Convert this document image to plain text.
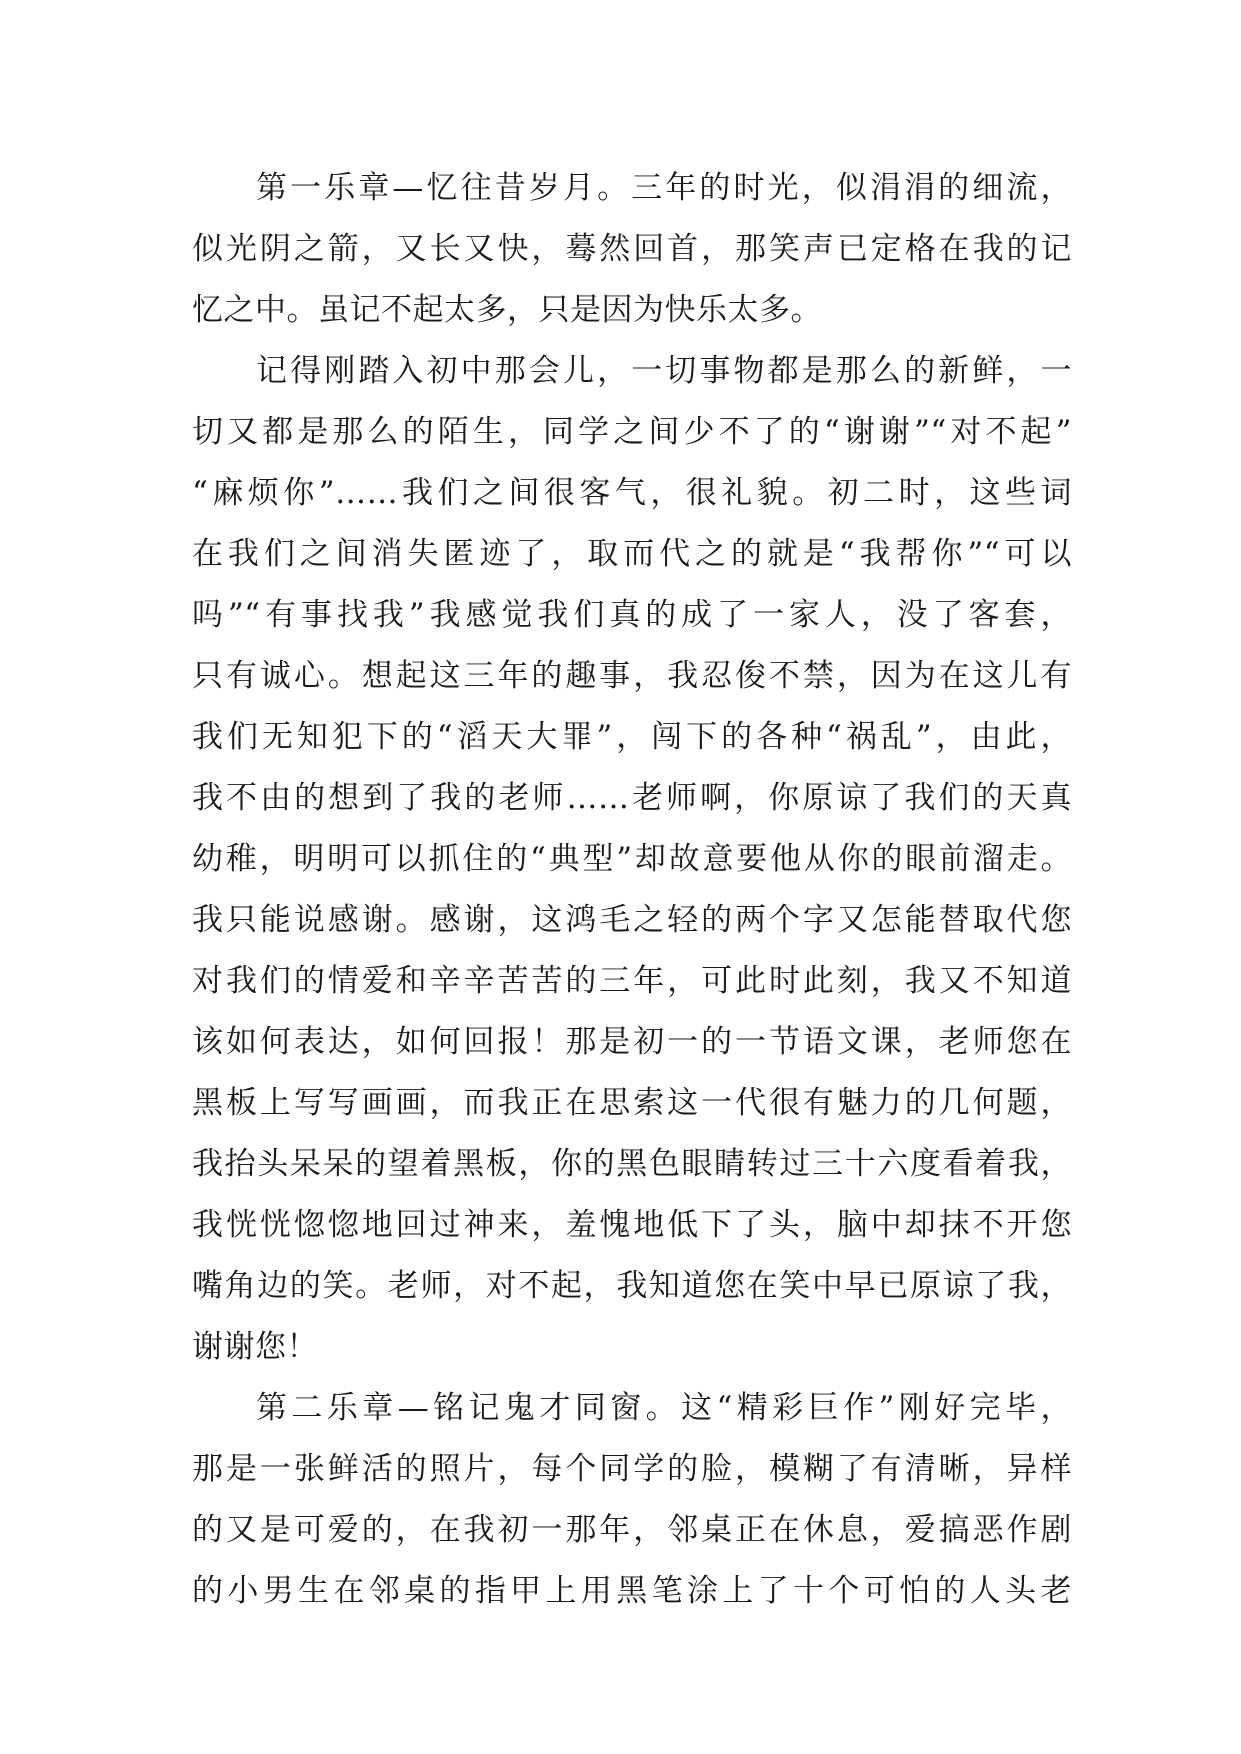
第一乐章—忆往昔岁月。三年的时光，似涓涓的细流，
似光阴之箭，又长又快，蓦然回首，那笑声已定格在我的记
忆之中。虽记不起太多，只是因为快乐太多。
记得刚踏入初中那会儿，一切事物都是那么的新鲜，一
切又都是那么的陌生，同学之间少不了的“谢谢”“对不起”
“麻烦你”……我们之间很客气，很礼貌。初二时，这些词
在我们之间消失匿迹了，取而代之的就是“我帮你”“可以
吗”“有事找我”我感觉我们真的成了一家人，没了客套，
只有诚心。想起这三年的趣事，我忍俊不禁，因为在这儿有
我们无知犯下的“滔天大罪”，闯下的各种“祸乱”，由此，
我不由的想到了我的老师……老师啊，你原谅了我们的天真
幼稚，明明可以抓住的“典型”却故意要他从你的眼前溜走。
我只能说感谢。感谢，这鸿毛之轻的两个字又怎能替取代您
对我们的情爱和辛辛苦苦的三年，可此时此刻，我又不知道
该如何表达，如何回报！那是初一的一节语文课，老师您在
黑板上写写画画，而我正在思索这一代很有魅力的几何题，
我抬头呆呆的望着黑板，你的黑色眼睛转过三十六度看着我，
我恍恍惚惚地回过神来，羞愧地低下了头，脑中却抹不开您
嘴角边的笑。老师，对不起，我知道您在笑中早已原谅了我，
谢谢您！
第二乐章—铭记鬼才同窗。这“精彩巨作”刚好完毕，
那是一张鲜活的照片，每个同学的脸，模糊了有清晰，异样
的又是可爱的，在我初一那年，邻桌正在休息，爱搞恶作剧
的小男生在邻桌的指甲上用黑笔涂上了十个可怕的人头老
